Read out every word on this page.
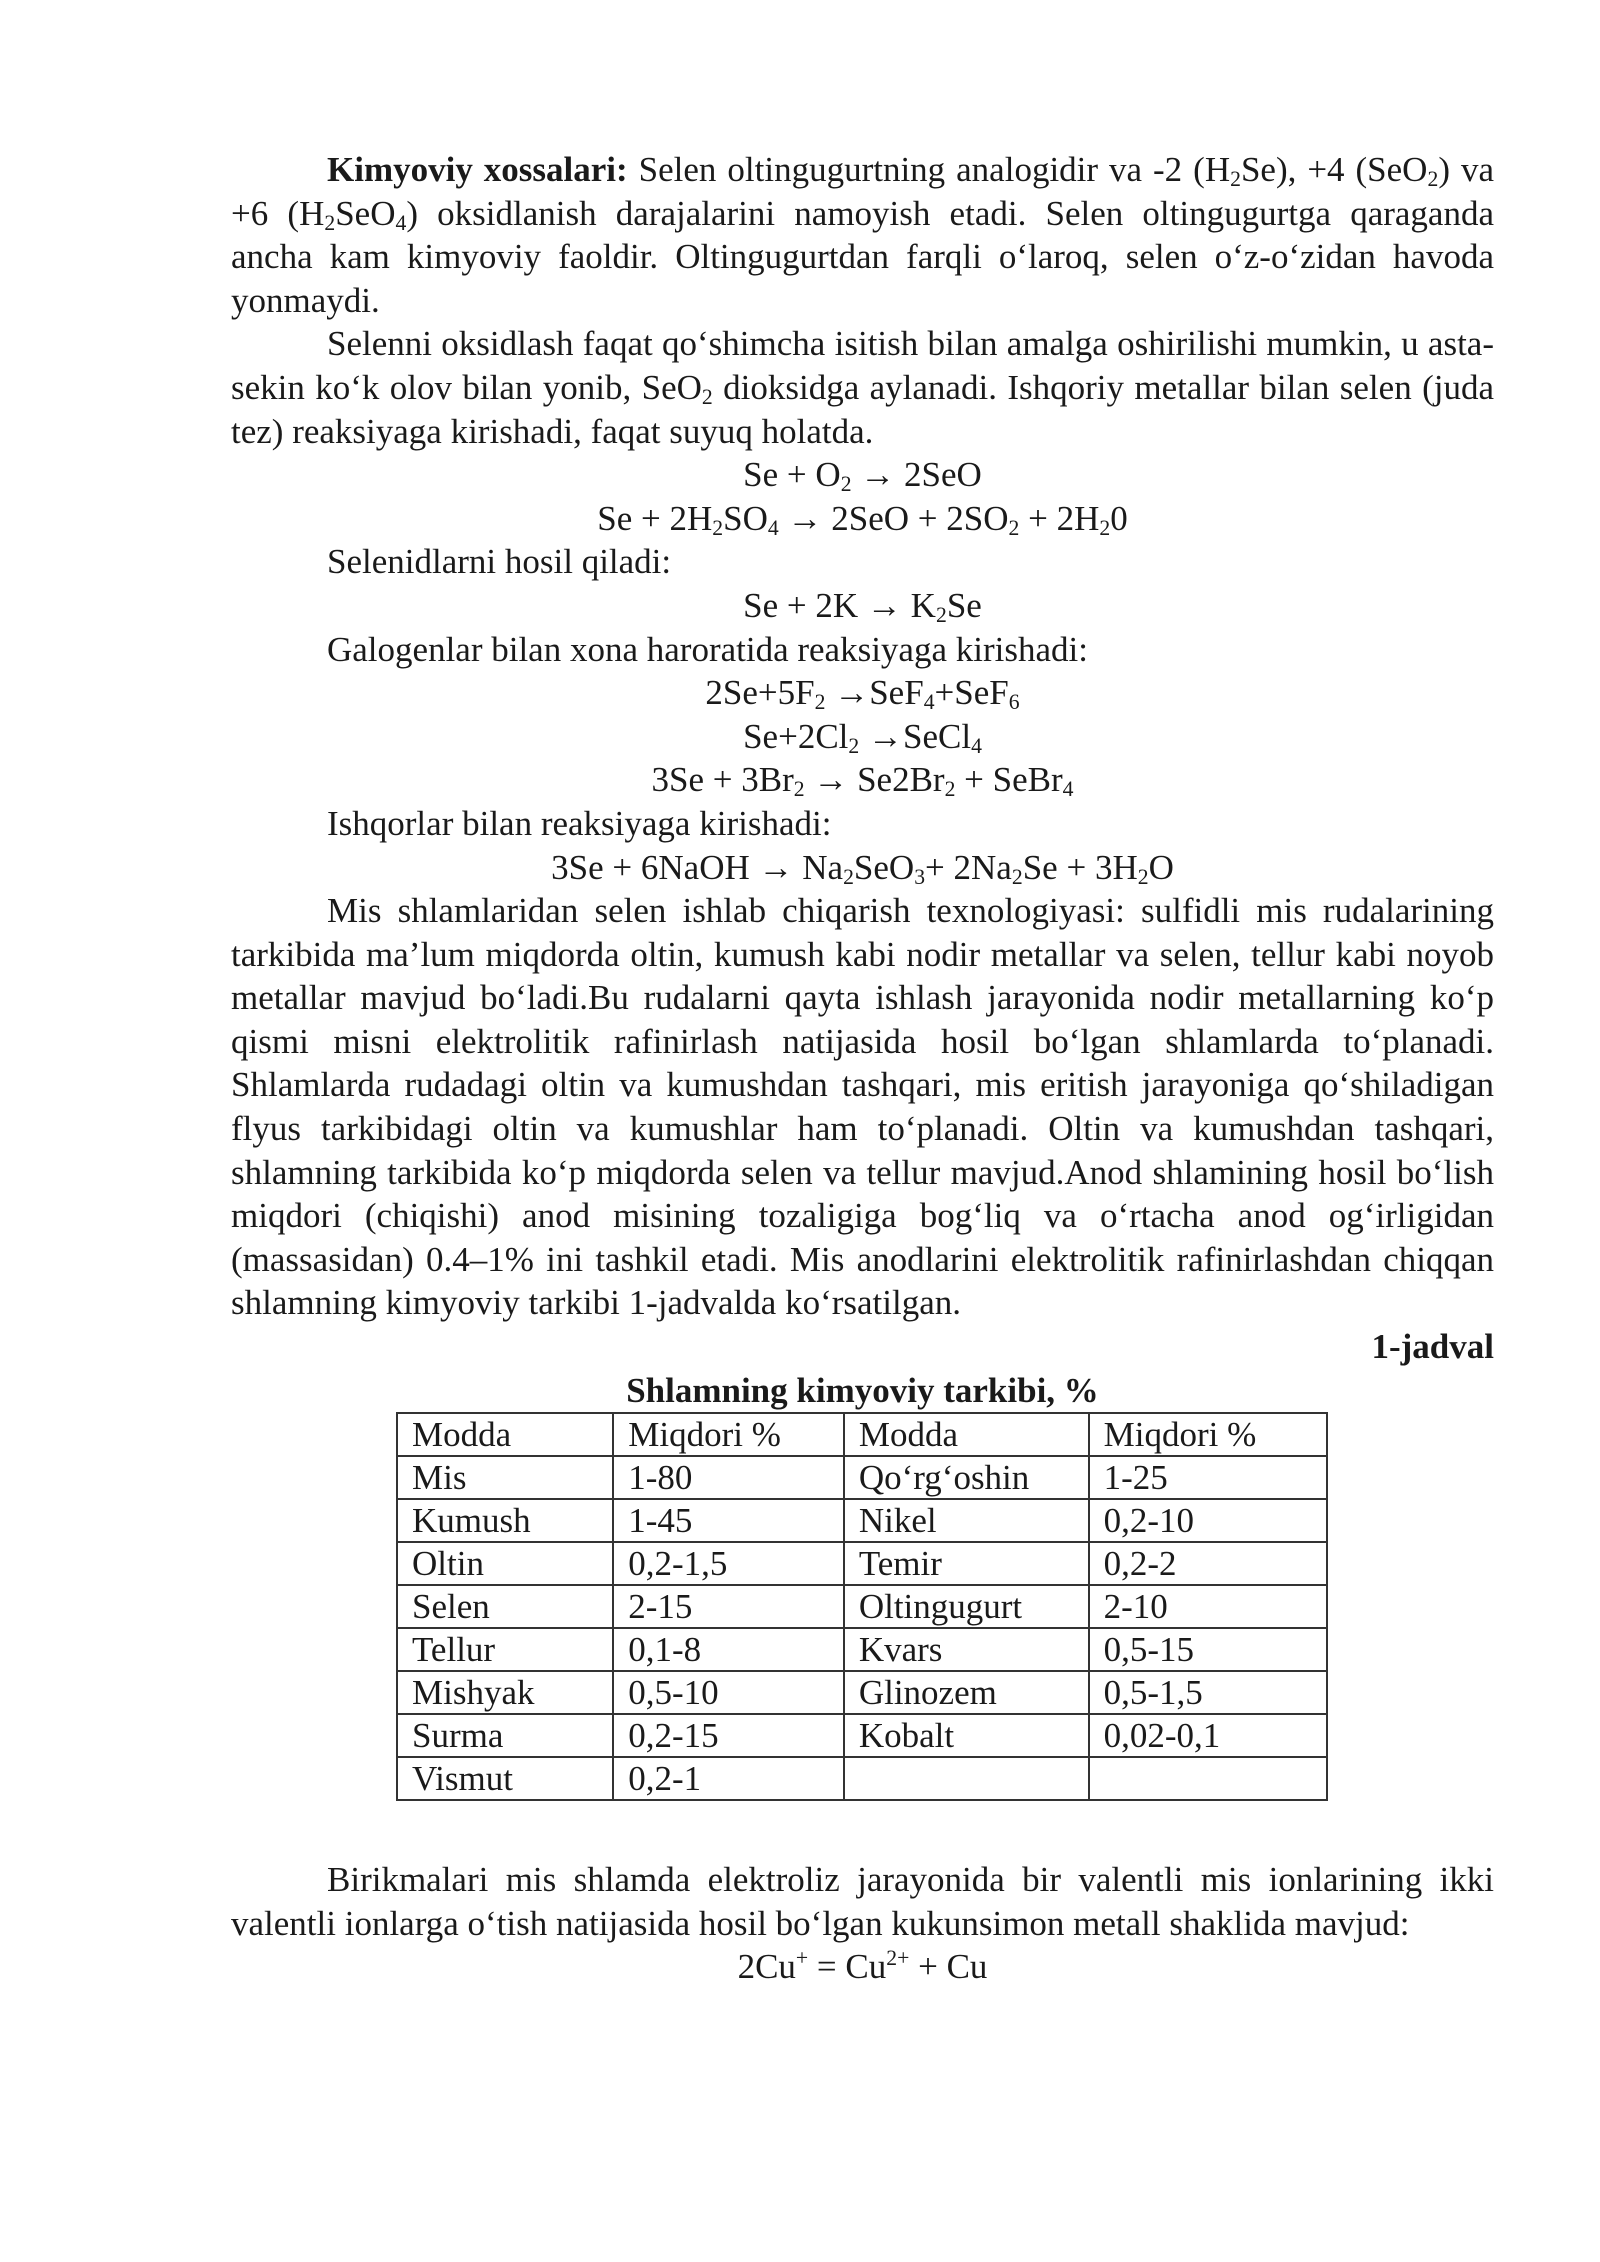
Kimyoviy xossalari: Selen oltingugurtning analogidir va -2 $(H_2Se)$, +4 (SeO$_2$) va +6 $(H_2SeO_4)$ oksidlanish darajalarini namoyish etadi. Selen oltingugurtga qaraganda ancha kam kimyoviy faoldir. Oltingugurtdan farqli o‘laroq, selen o‘z-o‘zidan havoda yonmaydi.

Selenni oksidlash faqat qo‘shimcha isitish bilan amalga oshirilishi mumkin, u asta-sekin ko‘k olov bilan yonib, SeO$_2$ dioksidga aylanadi. Ishqoriy metallar bilan selen (juda tez) reaksiyaga kirishadi, faqat suyuq holatda.

$Se + O_2 \to 2SeO$

$Se + 2H_2SO_4 \to 2SeO + 2SO_2 + 2H_20$

Selenidlarni hosil qiladi:

$Se + 2K \to K_2Se$

Galogenlar bilan xona haroratida reaksiyaga kirishadi:

$2Se+5F_2 \to SeF_4+SeF_6$

$Se+2Cl_2$ →SeCl$_4$

$3Se + 3Br_2 \to Se2Br_2$ + SeBr$_4$

Ishqorlar bilan reaksiyaga kirishadi:

3Se + 6NaOH → $Na_2SeO_3+ 2Na_2Se + 3H_2O$

Mis shlamlaridan selen ishlab chiqarish texnologiyasi: sulfidli mis rudalarining tarkibida ma’lum miqdorda oltin, kumush kabi nodir metallar va selen, tellur kabi noyob metallar mavjud bo‘ladi.Bu rudalarni qayta ishlash jarayonida nodir metallarning ko‘p qismi misni elektrolitik rafinirlash natijasida hosil bo‘lgan shlamlarda to‘planadi. Shlamlarda rudadagi oltin va kumushdan tashqari, mis eritish jarayoniga qo‘shiladigan flyus tarkibidagi oltin va kumushlar ham to‘planadi. Oltin va kumushdan tashqari, shlamning tarkibida ko‘p miqdorda selen va tellur mavjud.Anod shlamining hosil bo‘lish miqdori (chiqishi) anod misining tozaligiga bog‘liq va o‘rtacha anod og‘irligidan (massasidan) 0.4–1% ini tashkil etadi. Mis anodlarini elektrolitik rafinirlashdan chiqqan shlamning kimyoviy tarkibi 1-jadvalda ko‘rsatilgan.

1-jadval

Shlamning kimyoviy tarkibi, %

Modda	Miqdori %	Modda	Miqdori %
Mis	1-80	Qo‘rg‘oshin	1-25
Kumush	1-45	Nikel	0,2-10
Oltin	0,2-1,5	Temir	0,2-2
Selen	2-15	Oltingugurt	2-10
Tellur	0,1-8	Kvars	0,5-15
Mishyak	0,5-10	Glinozem	0,5-1,5
Surma	0,2-15	Kobalt	0,02-0,1
Vismut	0,2-1		

Birikmalari mis shlamda elektroliz jarayonida bir valentli mis ionlarining ikki valentli ionlarga o‘tish natijasida hosil bo‘lgan kukunsimon metall shaklida mavjud:

$2Cu^+ = Cu^{2+} + Cu$
